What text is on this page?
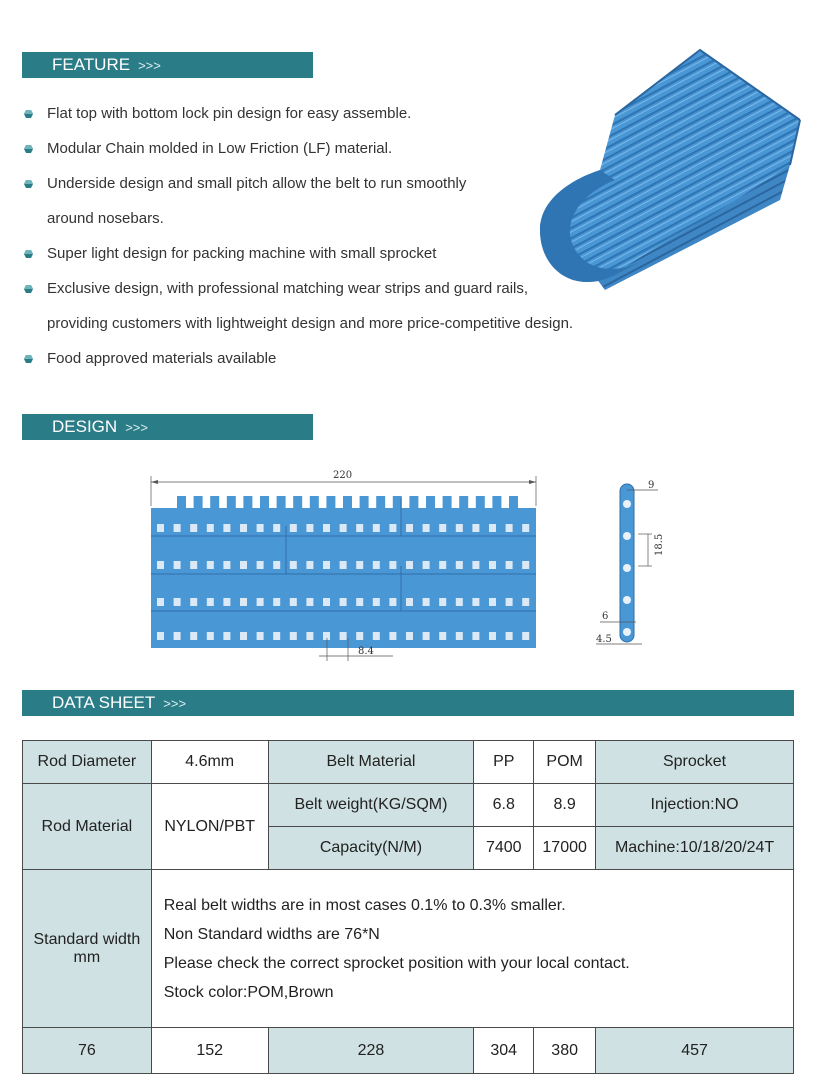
FEATURE >>>
Flat top with bottom lock pin design for easy assemble.
Modular Chain molded in Low Friction (LF) material.
Underside design and small pitch allow the belt to run smoothly
around nosebars.
Super light design for packing machine with small sprocket
Exclusive design, with professional matching wear strips and guard rails,
providing customers with lightweight design and more price-competitive design.
Food approved materials available
DESIGN >>>
220
8.4
9
18.5
6
4.5
DATA SHEET >>>
Rod Diameter	4.6mm	Belt Material	PP	POM	Sprocket
Rod Material	NYLON/PBT	Belt weight(KG/SQM)	6.8	8.9	Injection:NO
		Capacity(N/M)	7400	17000	Machine:10/18/20/24T
Standard width mm	Real belt widths are in most cases 0.1% to 0.3% smaller.
Non Standard widths are 76*N
Please check the correct sprocket position with your local contact.
Stock color:POM,Brown				

76	152	228	304	380	457
